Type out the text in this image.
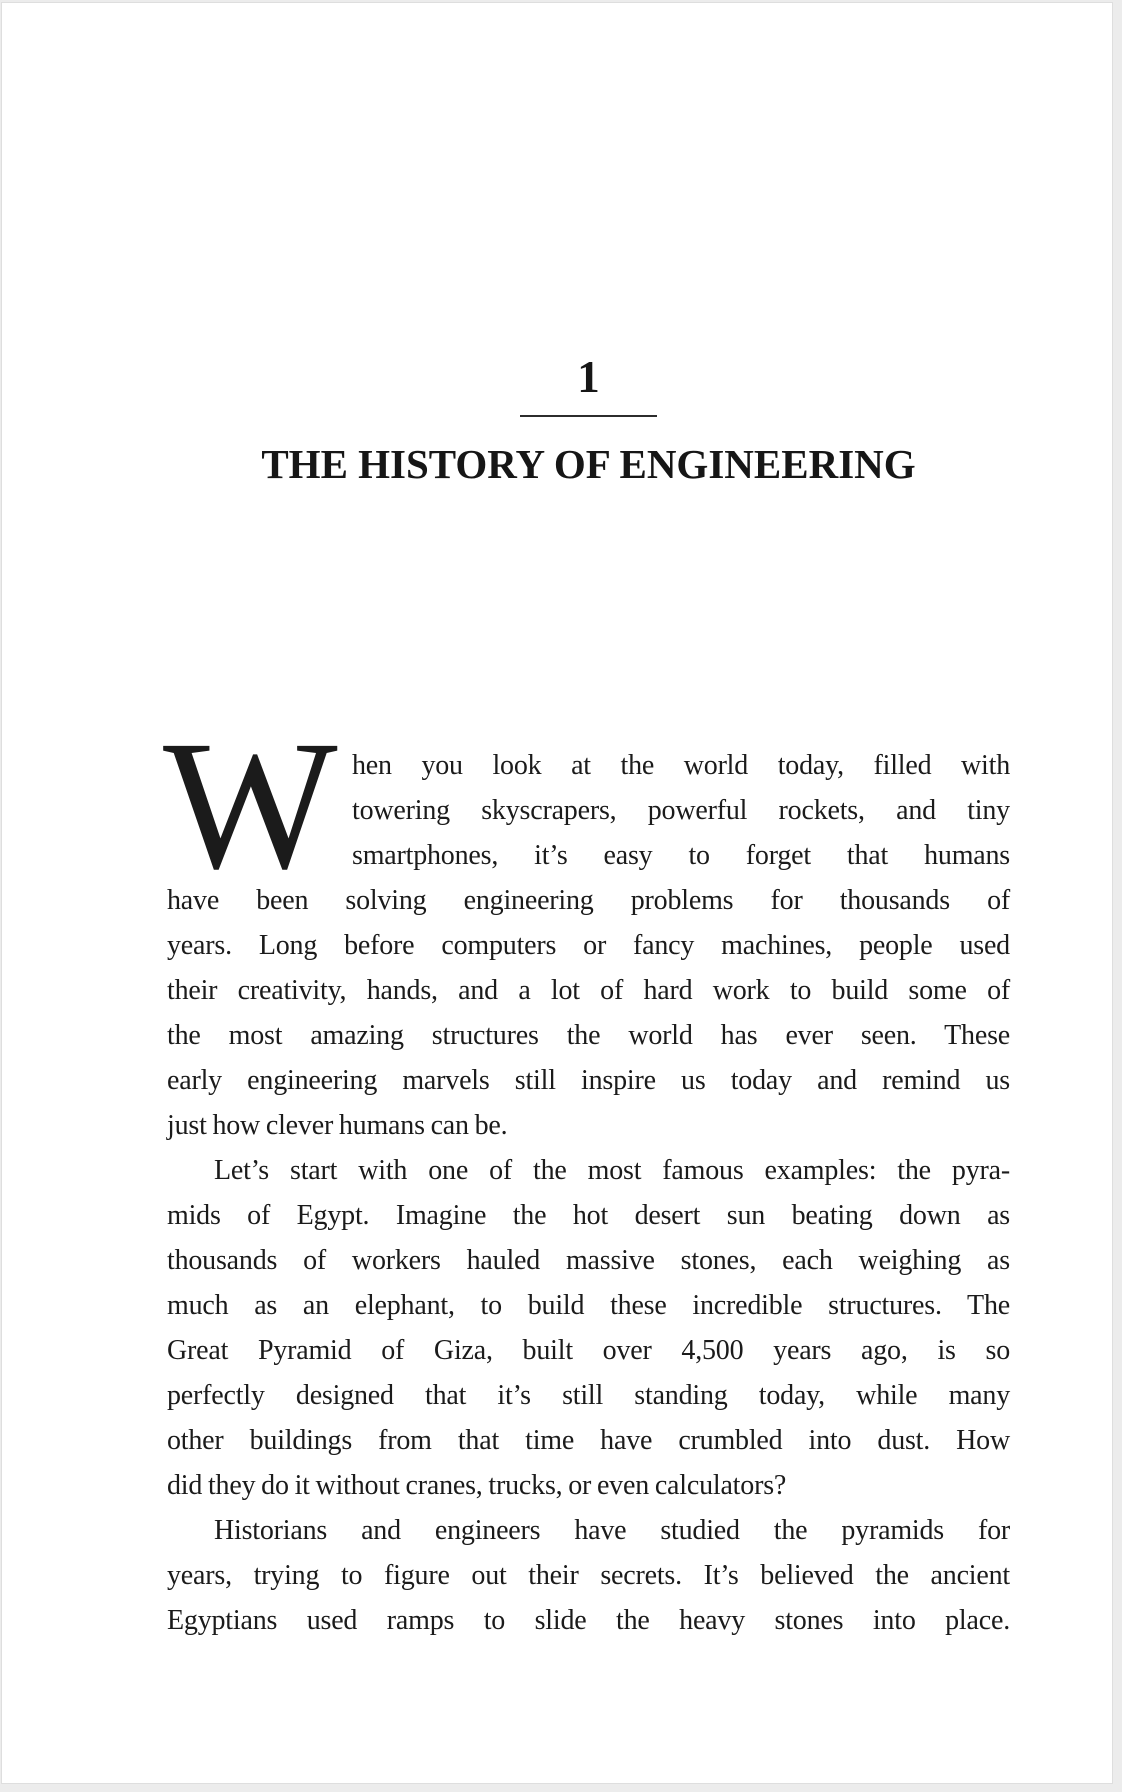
1
THE HISTORY OF ENGINEERING
W hen you look at the world today, filled with
towering skyscrapers, powerful rockets, and tiny
smartphones, it’s easy to forget that humans
have been solving engineering problems for thousands of
years. Long before computers or fancy machines, people used
their creativity, hands, and a lot of hard work to build some of
the most amazing structures the world has ever seen. These
early engineering marvels still inspire us today and remind us
just how clever humans can be.
Let’s start with one of the most famous examples: the pyra-
mids of Egypt. Imagine the hot desert sun beating down as
thousands of workers hauled massive stones, each weighing as
much as an elephant, to build these incredible structures. The
Great Pyramid of Giza, built over 4,500 years ago, is so
perfectly designed that it’s still standing today, while many
other buildings from that time have crumbled into dust. How
did they do it without cranes, trucks, or even calculators?
Historians and engineers have studied the pyramids for
years, trying to figure out their secrets. It’s believed the ancient
Egyptians used ramps to slide the heavy stones into place.
